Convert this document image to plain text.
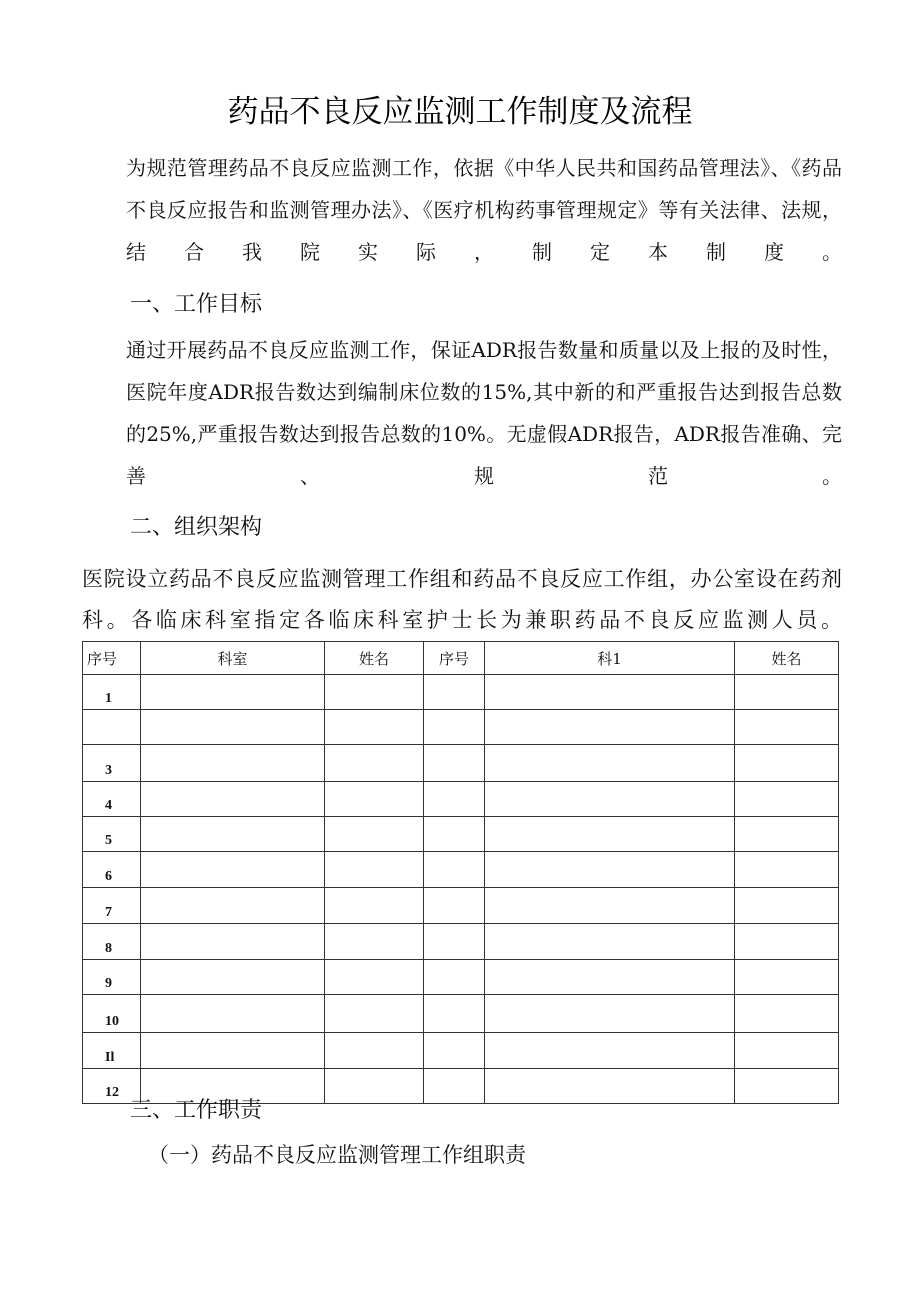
药品不良反应监测工作制度及流程

为规范管理药品不良反应监测工作，依据《中华人民共和国药品管理法》、《药品不良反应报告和监测管理办法》、《医疗机构药事管理规定》等有关法律、法规，结合我院实际，制定本制度。

一、工作目标

通过开展药品不良反应监测工作，保证ADR报告数量和质量以及上报的及时性，医院年度ADR报告数达到编制床位数的15%,其中新的和严重报告达到报告总数的25%,严重报告数达到报告总数的10%。无虚假ADR报告，ADR报告准确、完善、规范。

二、组织架构
医院设立药品不良反应监测管理工作组和药品不良反应工作组，办公室设在药剂科。各临床科室指定各临床科室护士长为兼职药品不良反应监测人员。
序号	科室	姓名	序号	科1	姓名
1					

3					
4					
5					
6					
7					
8					
9					
10					
Il					
12					
三、工作职责
（一）药品不良反应监测管理工作组职责
